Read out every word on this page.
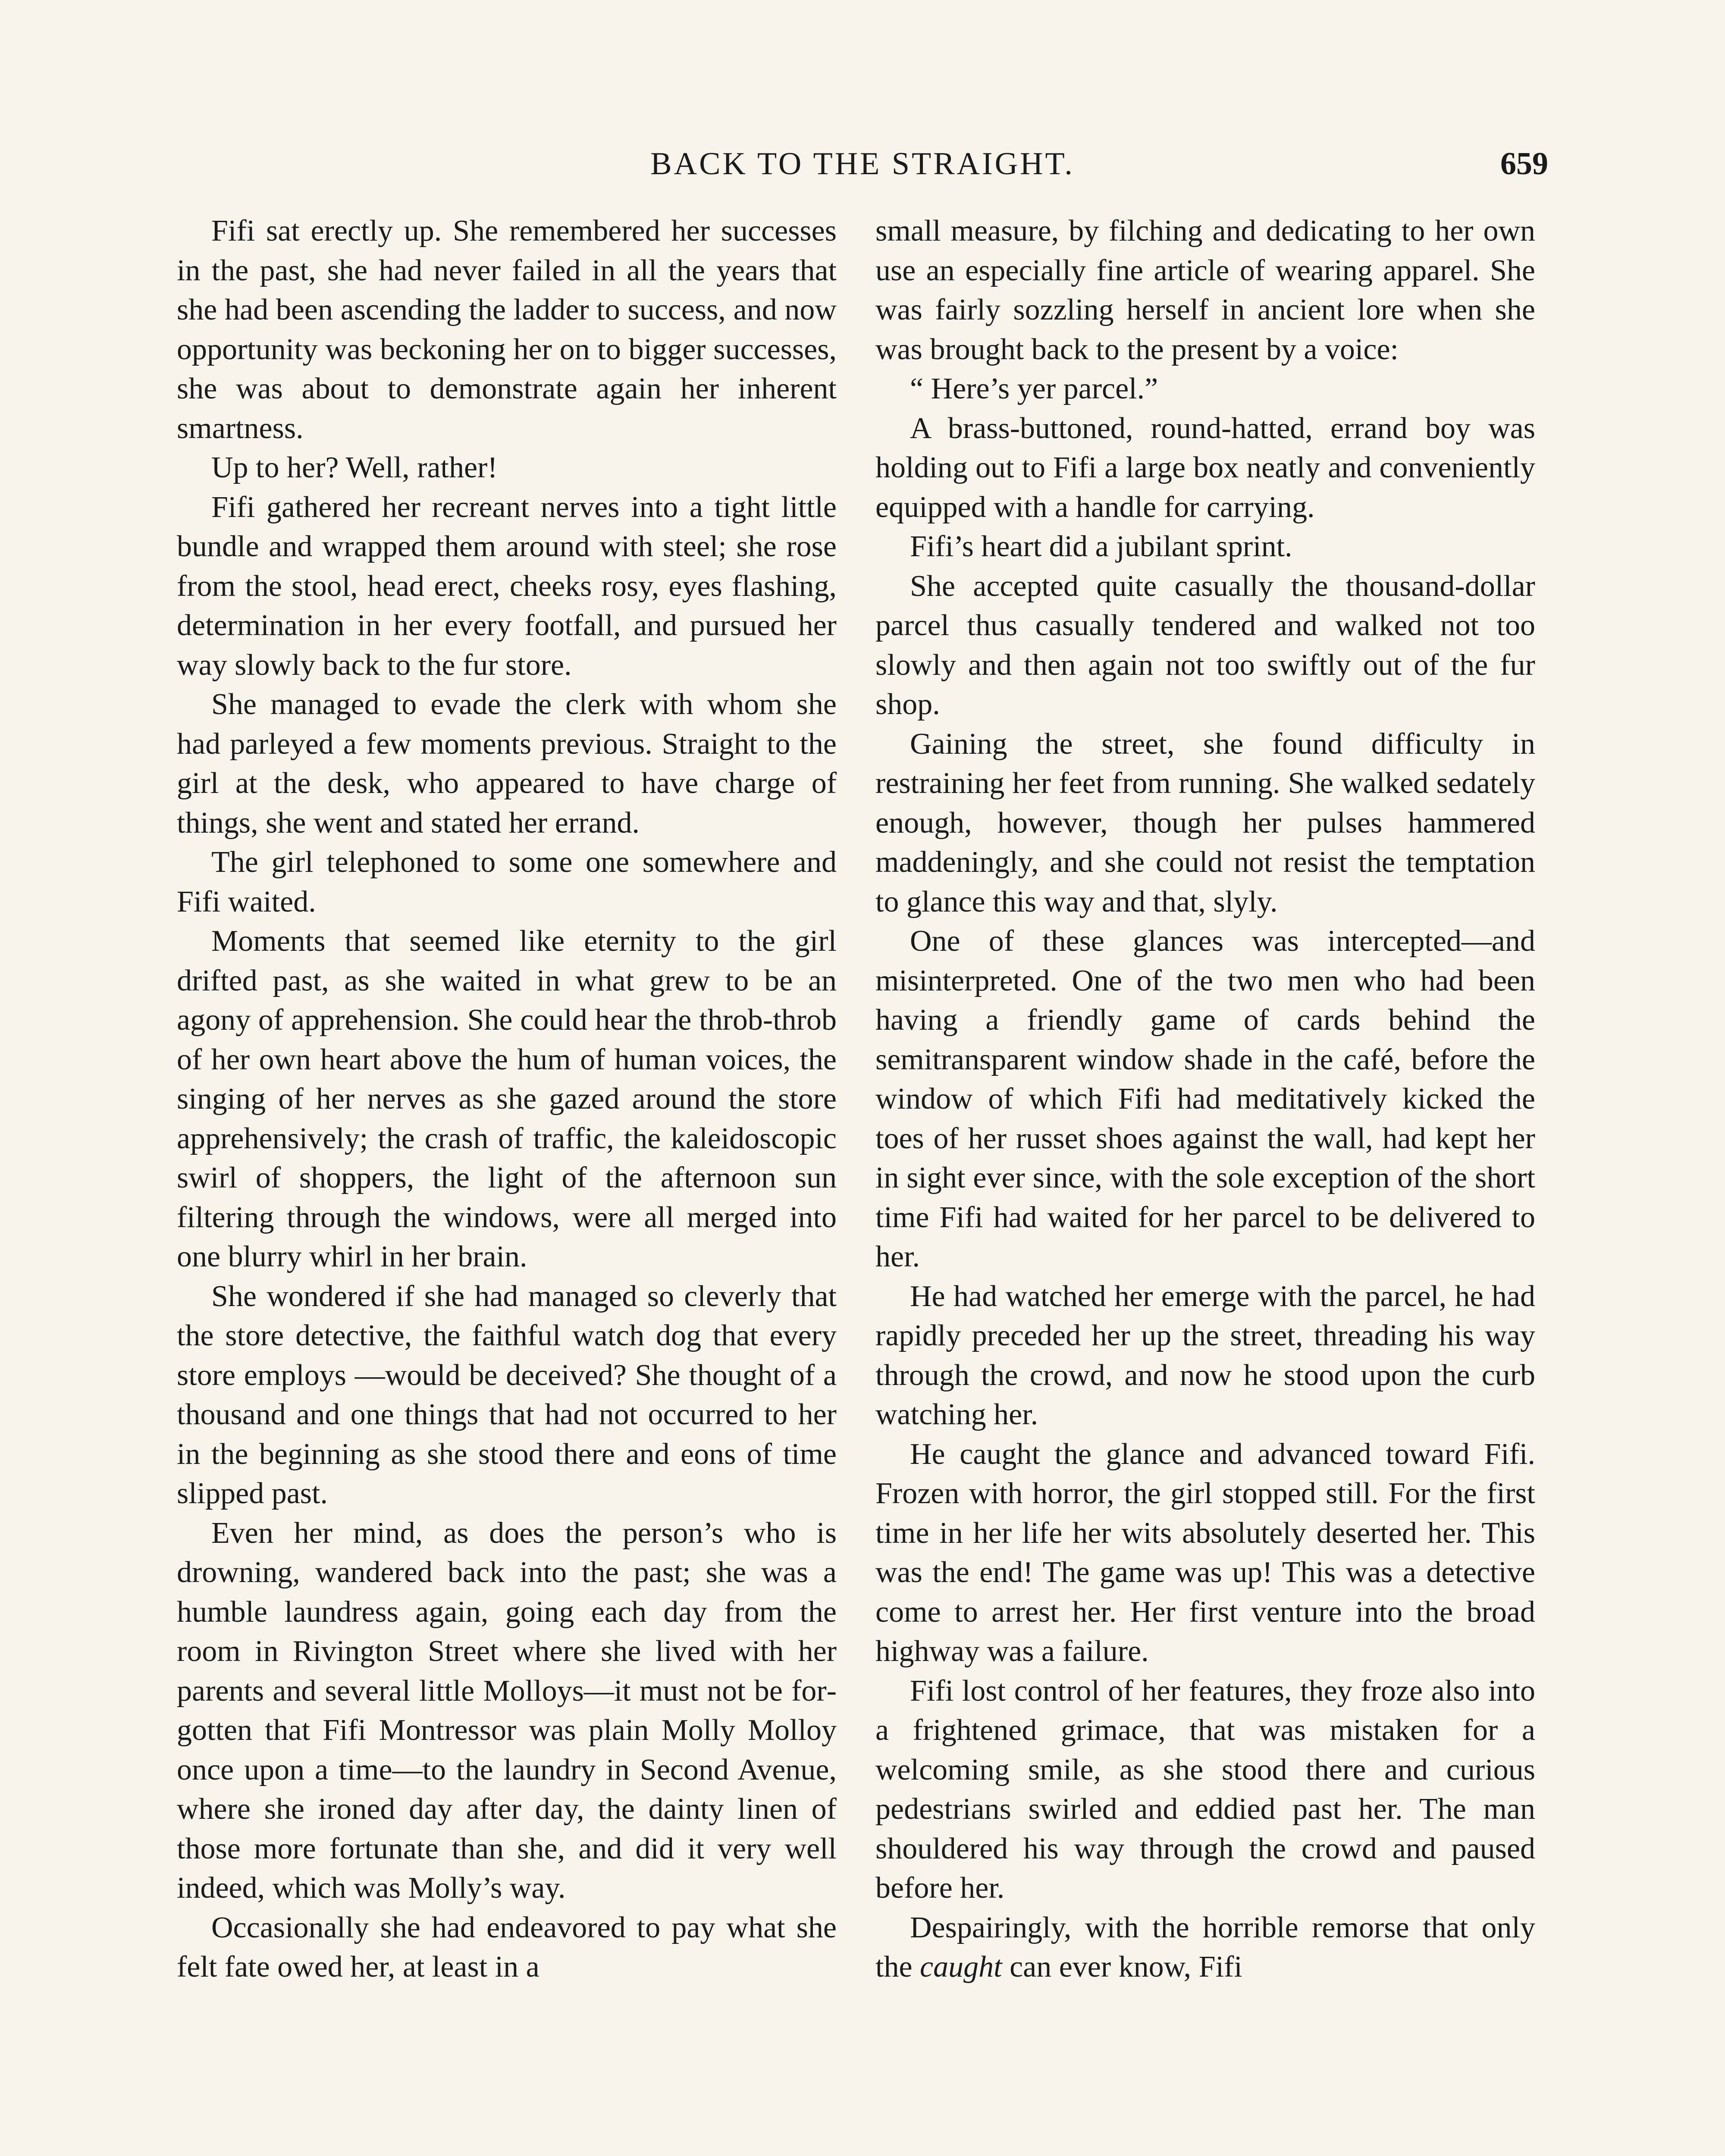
BACK TO THE STRAIGHT.	659

Fifi sat erectly up. She remembered her successes in the past, she had never failed in all the years that she had been ascending the ladder to success, and now opportunity was beckoning her on to bigger successes, she was about to demonstrate again her inherent smartness.

Up to her? Well, rather!

Fifi gathered her recreant nerves into a tight little bundle and wrapped them around with steel; she rose from the stool, head erect, cheeks rosy, eyes flashing, determination in her every footfall, and pursued her way slowly back to the fur store.

She managed to evade the clerk with whom she had parleyed a few moments previous. Straight to the girl at the desk, who appeared to have charge of things, she went and stated her errand.

The girl telephoned to some one somewhere and Fifi waited.

Moments that seemed like eternity to the girl drifted past, as she waited in what grew to be an agony of apprehension. She could hear the throb-throb of her own heart above the hum of human voices, the singing of her nerves as she gazed around the store apprehensively; the crash of traffic, the kaleidoscopic swirl of shoppers, the light of the afternoon sun filtering through the windows, were all merged into one blurry whirl in her brain.

She wondered if she had managed so cleverly that the store detective, the faithful watch dog that every store employs —would be deceived? She thought of a thousand and one things that had not occurred to her in the beginning as she stood there and eons of time slipped past.

Even her mind, as does the person’s who is drowning, wandered back into the past; she was a humble laundress again, going each day from the room in Rivington Street where she lived with her parents and several little Molloys—it must not be forgotten that Fifi Montressor was plain Molly Molloy once upon a time—to the laundry in Second Avenue, where she ironed day after day, the dainty linen of those more fortunate than she, and did it very well indeed, which was Molly’s way.

Occasionally she had endeavored to pay what she felt fate owed her, at least in a

small measure, by filching and dedicating to her own use an especially fine article of wearing apparel. She was fairly sozzling herself in ancient lore when she was brought back to the present by a voice:

“ Here’s yer parcel.”

A brass-buttoned, round-hatted, errand boy was holding out to Fifi a large box neatly and conveniently equipped with a handle for carrying.

Fifi’s heart did a jubilant sprint.

She accepted quite casually the thousand-dollar parcel thus casually tendered and walked not too slowly and then again not too swiftly out of the fur shop.

Gaining the street, she found difficulty in restraining her feet from running. She walked sedately enough, however, though her pulses hammered maddeningly, and she could not resist the temptation to glance this way and that, slyly.

One of these glances was intercepted—and misinterpreted. One of the two men who had been having a friendly game of cards behind the semitransparent window shade in the café, before the window of which Fifi had meditatively kicked the toes of her russet shoes against the wall, had kept her in sight ever since, with the sole exception of the short time Fifi had waited for her parcel to be delivered to her.

He had watched her emerge with the parcel, he had rapidly preceded her up the street, threading his way through the crowd, and now he stood upon the curb watching her.

He caught the glance and advanced toward Fifi. Frozen with horror, the girl stopped still. For the first time in her life her wits absolutely deserted her. This was the end! The game was up! This was a detective come to arrest her. Her first venture into the broad highway was a failure.

Fifi lost control of her features, they froze also into a frightened grimace, that was mistaken for a welcoming smile, as she stood there and curious pedestrians swirled and eddied past her. The man shouldered his way through the crowd and paused before her.

Despairingly, with the horrible remorse that only the caught can ever know, Fifi
